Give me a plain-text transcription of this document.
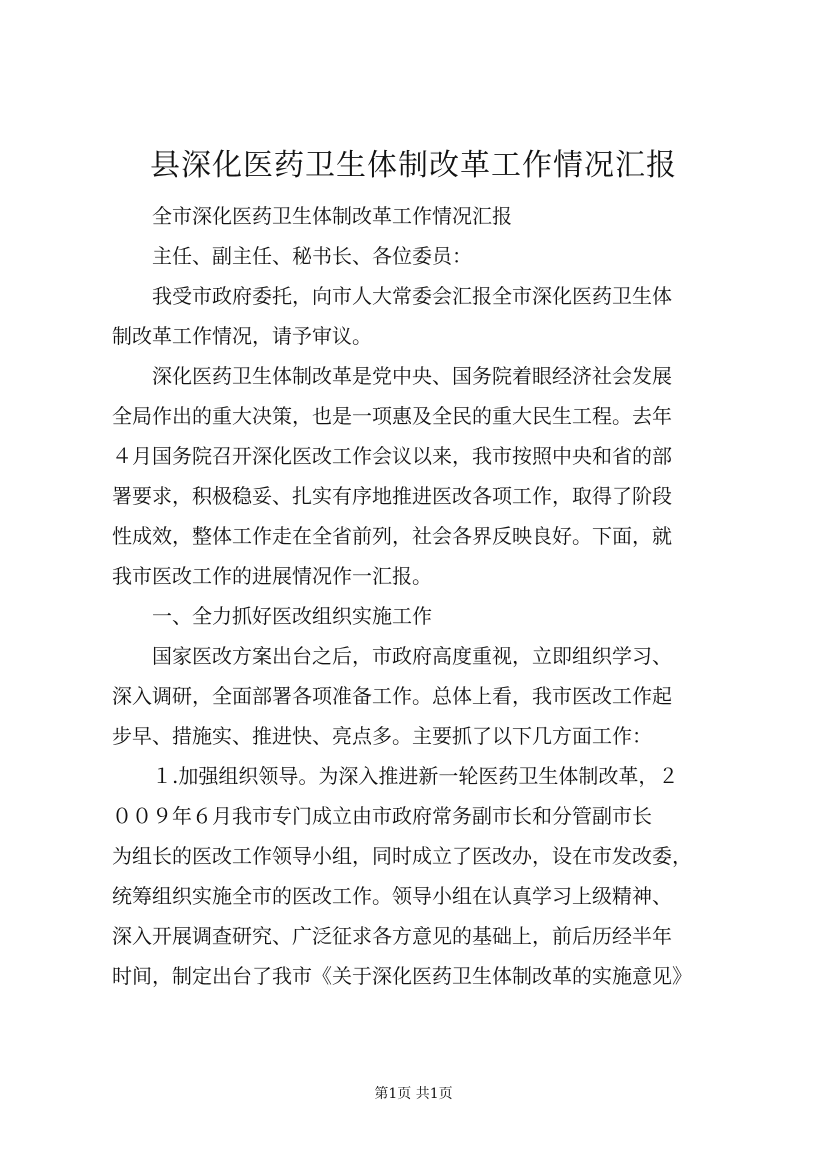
县深化医药卫生体制改革工作情况汇报
全市深化医药卫生体制改革工作情况汇报
主任、副主任、秘书长、各位委员：
我受市政府委托，向市人大常委会汇报全市深化医药卫生体
制改革工作情况，请予审议。
深化医药卫生体制改革是党中央、国务院着眼经济社会发展
全局作出的重大决策，也是一项惠及全民的重大民生工程。去年
４月国务院召开深化医改工作会议以来，我市按照中央和省的部
署要求，积极稳妥、扎实有序地推进医改各项工作，取得了阶段
性成效，整体工作走在全省前列，社会各界反映良好。下面，就
我市医改工作的进展情况作一汇报。
一、全力抓好医改组织实施工作
国家医改方案出台之后，市政府高度重视，立即组织学习、
深入调研，全面部署各项准备工作。总体上看，我市医改工作起
步早、措施实、推进快、亮点多。主要抓了以下几方面工作：
１.加强组织领导。为深入推进新一轮医药卫生体制改革，２
００９年６月我市专门成立由市政府常务副市长和分管副市长
为组长的医改工作领导小组，同时成立了医改办，设在市发改委，
统筹组织实施全市的医改工作。领导小组在认真学习上级精神、
深入开展调查研究、广泛征求各方意见的基础上，前后历经半年
时间，制定出台了我市《关于深化医药卫生体制改革的实施意见》
第1页 共1页
